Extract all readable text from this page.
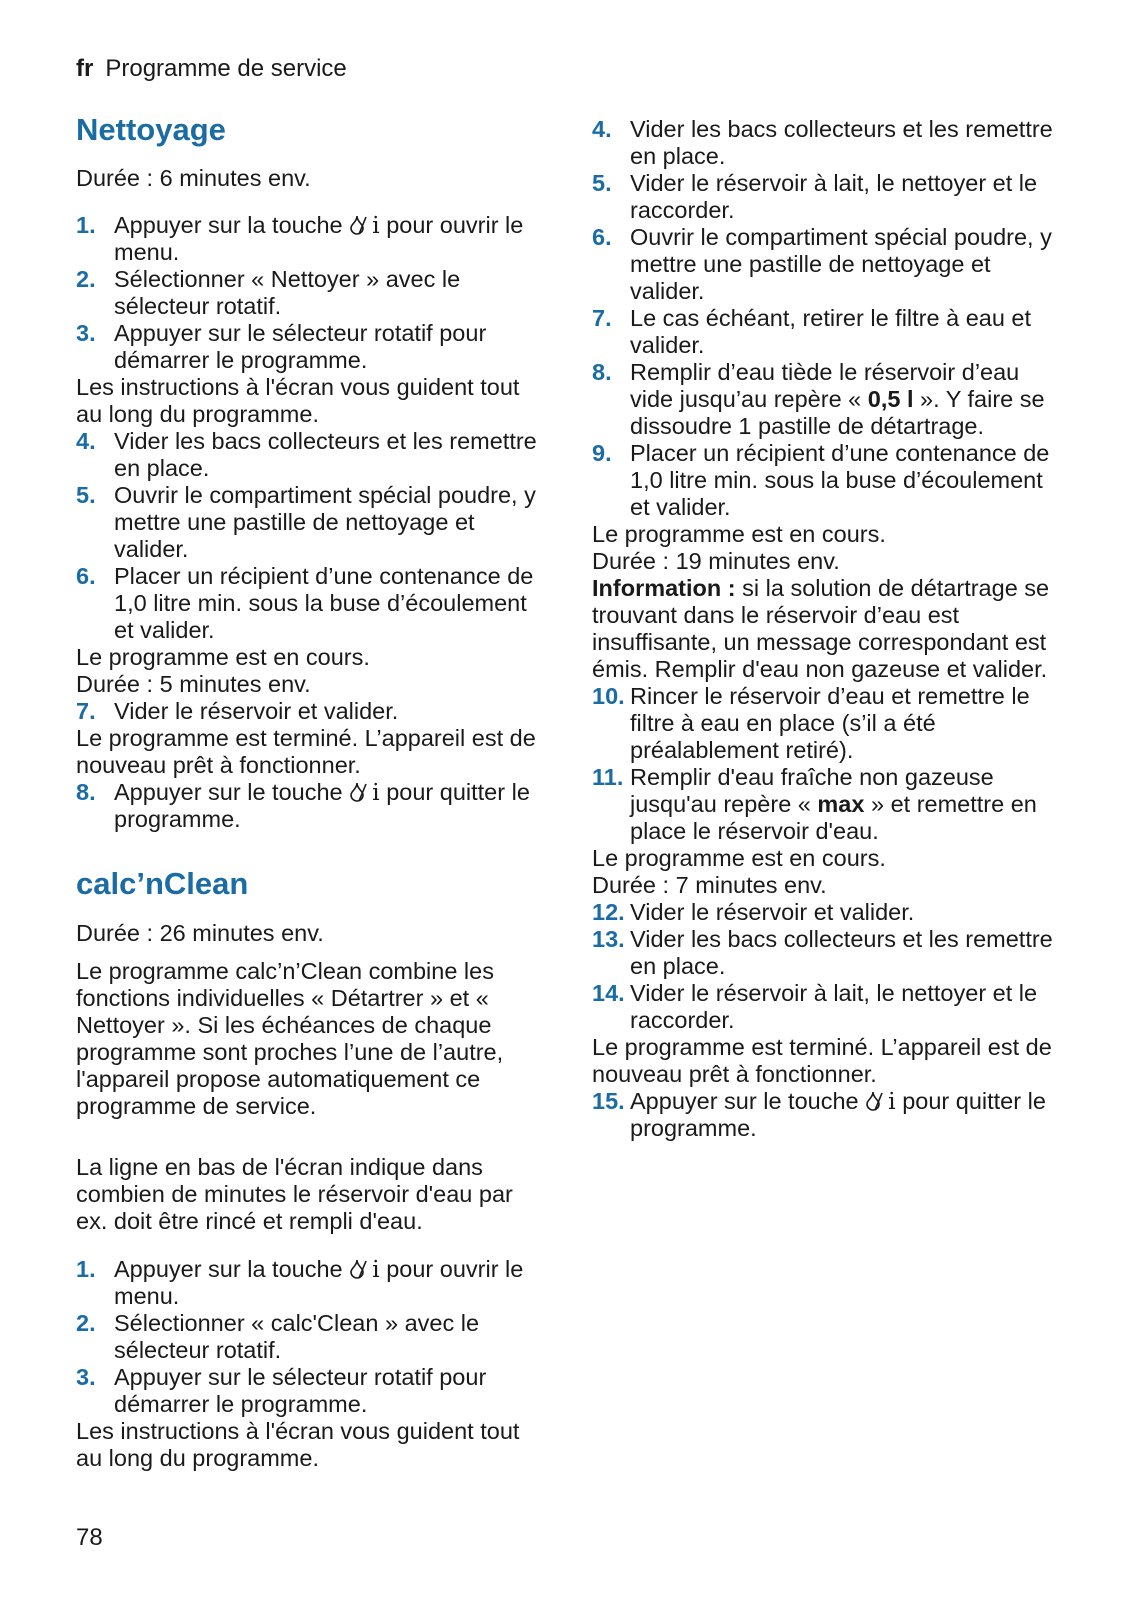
fr Programme de service
Nettoyage

Durée : 6 minutes env.

1. Appuyer sur la touche i pour ouvrir le menu.
2. Sélectionner « Nettoyer » avec le sélecteur rotatif.
3. Appuyer sur le sélecteur rotatif pour démarrer le programme.

Les instructions à l'écran vous guident tout au long du programme.

4. Vider les bacs collecteurs et les remettre en place.
5. Ouvrir le compartiment spécial poudre, y mettre une pastille de nettoyage et valider.
6. Placer un récipient d’une contenance de 1,0 litre min. sous la buse d’écoulement et valider.

Le programme est en cours.

Durée : 5 minutes env.

7. Vider le réservoir et valider.

Le programme est terminé. L’appareil est de nouveau prêt à fonctionner.

8. Appuyer sur le touche i pour quitter le programme.
calc’nClean

Durée : 26 minutes env.

Le programme calc’n’Clean combine les fonctions individuelles « Détartrer » et « Nettoyer ». Si les échéances de chaque programme sont proches l’une de l’autre, l'appareil propose automatiquement ce programme de service.

La ligne en bas de l'écran indique dans combien de minutes le réservoir d'eau par ex. doit être rincé et rempli d'eau.

1. Appuyer sur la touche i pour ouvrir le menu.
2. Sélectionner « calc'Clean » avec le sélecteur rotatif.
3. Appuyer sur le sélecteur rotatif pour démarrer le programme.

Les instructions à l'écran vous guident tout au long du programme.

4. Vider les bacs collecteurs et les remettre en place.
5. Vider le réservoir à lait, le nettoyer et le raccorder.
6. Ouvrir le compartiment spécial poudre, y mettre une pastille de nettoyage et valider.
7. Le cas échéant, retirer le filtre à eau et valider.
8. Remplir d’eau tiède le réservoir d’eau vide jusqu’au repère « 0,5 l ». Y faire se dissoudre 1 pastille de détartrage.
9. Placer un récipient d’une contenance de 1,0 litre min. sous la buse d’écoulement et valider.

Le programme est en cours.

Durée : 19 minutes env.

Information : si la solution de détartrage se trouvant dans le réservoir d’eau est insuffisante, un message correspondant est émis. Remplir d'eau non gazeuse et valider.

10. Rincer le réservoir d’eau et remettre le filtre à eau en place (s’il a été préalablement retiré).
11. Remplir d'eau fraîche non gazeuse jusqu'au repère « max » et remettre en place le réservoir d'eau.

Le programme est en cours.

Durée : 7 minutes env.

12. Vider le réservoir et valider.
13. Vider les bacs collecteurs et les remettre en place.
14. Vider le réservoir à lait, le nettoyer et le raccorder.

Le programme est terminé. L’appareil est de nouveau prêt à fonctionner.

15. Appuyer sur le touche i pour quitter le programme.
78
